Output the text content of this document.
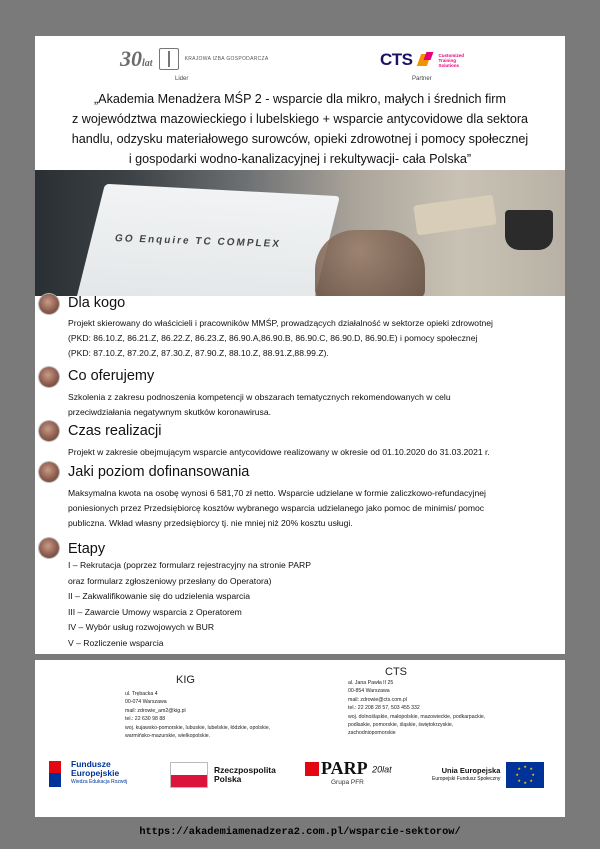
30lat	KRAJOWA IZBA GOSPODARCZA
Lider
CTS	Customized
Training
Solutions
Partner
„Akademia Menadżera MŚP 2 - wsparcie dla mikro, małych i średnich firm
z województwa mazowieckiego i lubelskiego + wsparcie antycovidowe dla sektora
handlu, odzysku materiałowego surowców, opieki zdrowotnej i pomocy społecznej
i gospodarki wodno-kanalizacyjnej i rekultywacji- cała Polska”
GO Enquire TC COMPLEX
Dla kogo
Projekt skierowany do właścicieli i pracowników MMŚP, prowadzących działalność w sektorze opieki zdrowotnej
(PKD: 86.10.Z, 86.21.Z, 86.22.Z, 86.23.Z, 86.90.A,86.90.B, 86.90.C, 86.90.D, 86.90.E) i pomocy społecznej
(PKD: 87.10.Z, 87.20.Z, 87.30.Z, 87.90.Z, 88.10.Z, 88.91.Z,88.99.Z).
Co oferujemy
Szkolenia z zakresu podnoszenia kompetencji w obszarach tematycznych rekomendowanych w celu
przeciwdziałania negatywnym skutków koronawirusa.
Czas realizacji
Projekt w zakresie obejmującym wsparcie antycovidowe realizowany w okresie od 01.10.2020 do 31.03.2021 r.
Jaki poziom dofinansowania
Maksymalna kwota na osobę wynosi 6 581,70 zł netto. Wsparcie udzielane w formie zaliczkowo-refundacyjnej
poniesionych przez Przedsiębiorcę kosztów wybranego wsparcia udzielanego jako pomoc de minimis/ pomoc
publiczna. Wkład własny przedsiębiorcy tj. nie mniej niż 20% kosztu usługi.
Etapy
I – Rekrutacja (poprzez formularz rejestracyjny na stronie PARP
oraz formularz zgłoszeniowy przesłany do Operatora)
II – Zakwalifikowanie się do udzielenia wsparcia
III – Zawarcie Umowy wsparcia z Operatorem
IV – Wybór usług rozwojowych w BUR
V – Rozliczenie wsparcia
KIG
ul. Trębacka 4
00-074 Warszawa
mail: zdrowie_am2@kig.pl
tel.: 22 630 98 88
woj. kujawsko-pomorskie, lubuskie, lubelskie, łódzkie, opolskie,
warmińsko-mazurskie, wielkopolskie.
CTS
al. Jana Pawła II 25
00-854 Warszawa
mail: zdrowie@cts.com.pl
tel.: 22 208 28 57, 503 455 332
woj. dolnośląskie, małopolskie, mazowieckie, podkarpackie,
podlaskie, pomorskie, śląskie, świętokrzyskie,
zachodniopomorskie
Fundusze
Europejskie
Wiedza Edukacja Rozwój
Rzeczpospolita
Polska
PARP 20lat
Grupa PFR
Unia Europejska
Europejski Fundusz Społeczny
★ ★
★
★
★
★
★
★
https://akademiamenadzera2.com.pl/wsparcie-sektorow/
